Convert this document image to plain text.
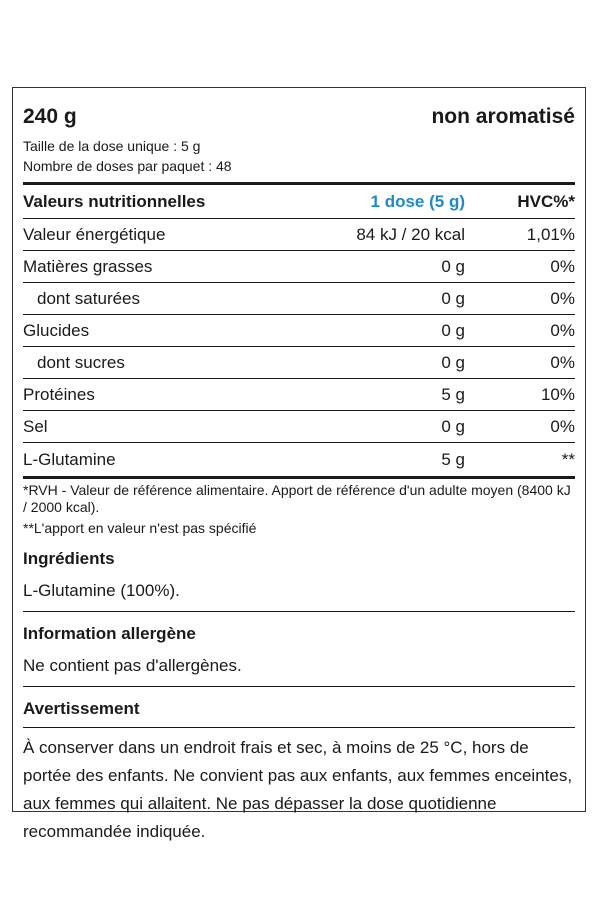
240 g	non aromatisé
Taille de la dose unique : 5 g
Nombre de doses par paquet : 48
Valeurs nutritionnelles	1 dose (5 g)	HVC%*
Valeur énergétique	84 kJ / 20 kcal	1,01%
Matières grasses	0 g	0%
dont saturées	0 g	0%
Glucides	0 g	0%
dont sucres	0 g	0%
Protéines	5 g	10%
Sel	0 g	0%
L-Glutamine	5 g	**
*RVH - Valeur de référence alimentaire. Apport de référence d'un adulte moyen (8400 kJ / 2000 kcal).
**L'apport en valeur n'est pas spécifié
Ingrédients
L-Glutamine (100%).
Information allergène
Ne contient pas d'allergènes.
Avertissement
À conserver dans un endroit frais et sec, à moins de 25 °C, hors de portée des enfants. Ne convient pas aux enfants, aux femmes enceintes, aux femmes qui allaitent. Ne pas dépasser la dose quotidienne recommandée indiquée.
